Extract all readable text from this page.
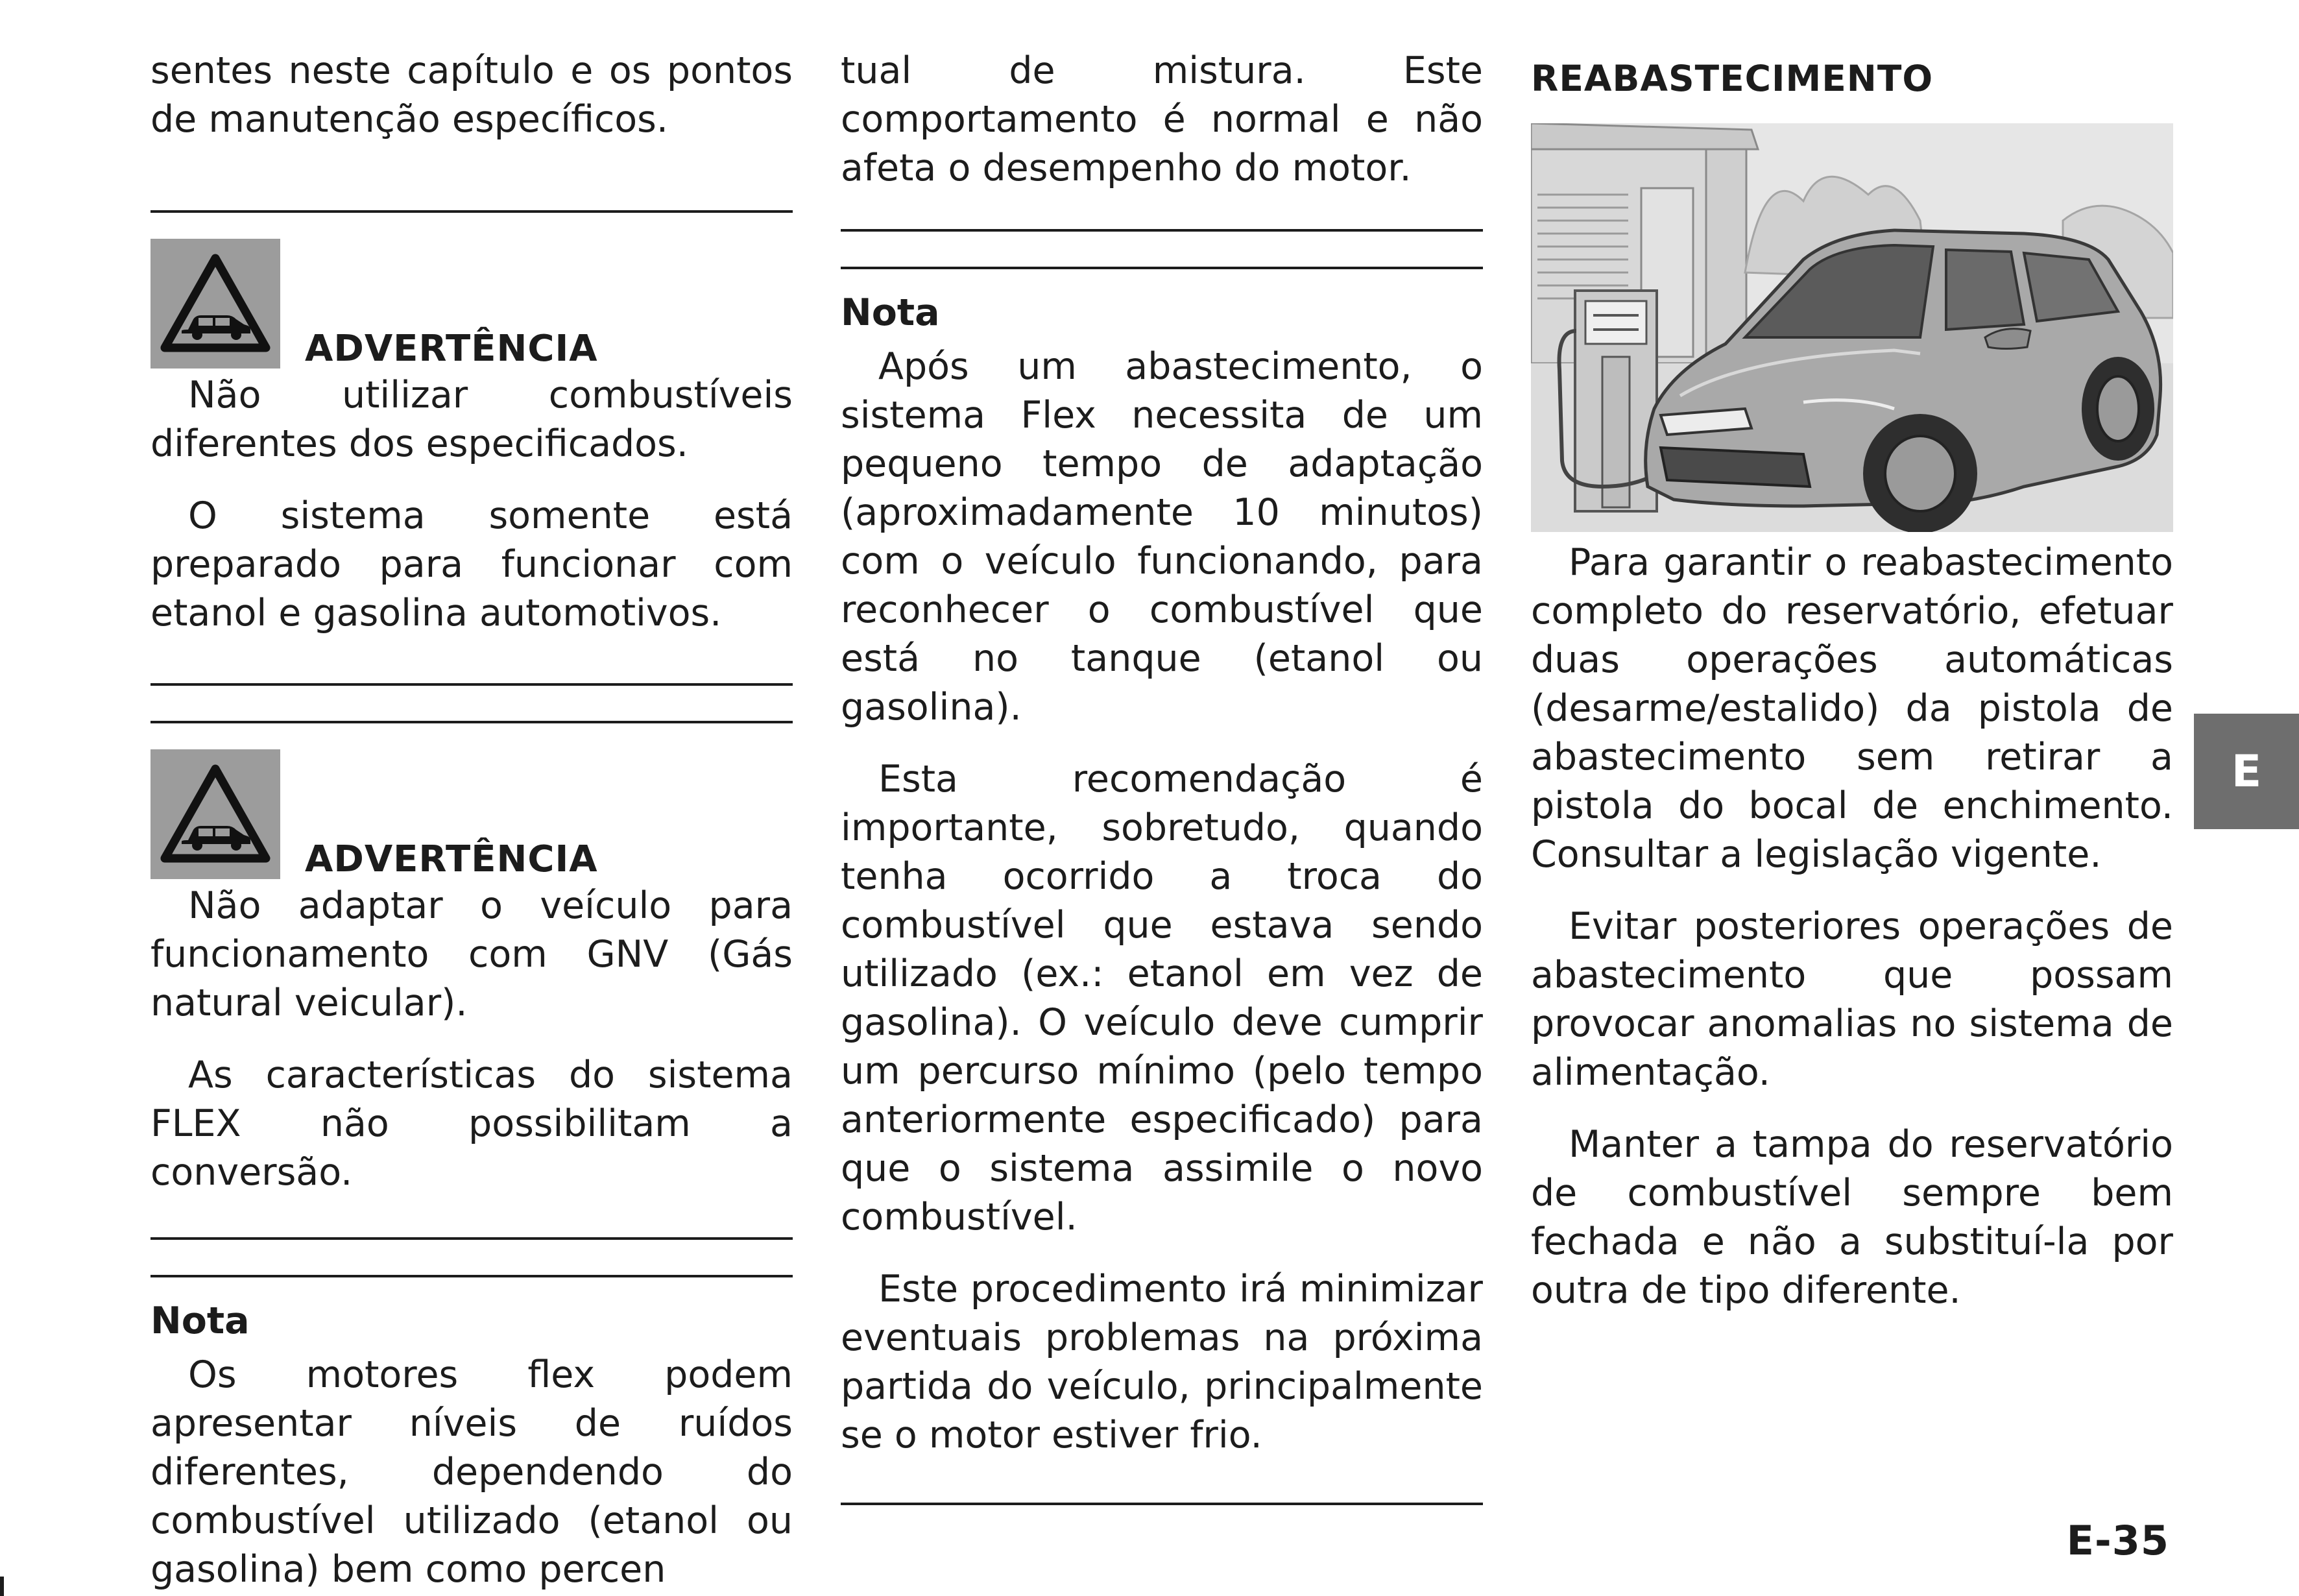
sentes neste capítulo e os pontos de manutenção específicos.

ADVERTÊNCIA

Não utilizar combustíveis diferentes dos especificados.

O sistema somente está preparado para funcionar com etanol e gasolina automotivos.

ADVERTÊNCIA

Não adaptar o veículo para funcionamento com GNV (Gás natural veicular).

As características do sistema FLEX não possibilitam a conversão.

Nota

Os motores flex podem apresentar níveis de ruídos diferentes, dependendo do combustível utilizado (etanol ou gasolina) bem como percen

tual de mistura. Este comportamento é normal e não afeta o desempenho do motor.

Nota

Após um abastecimento, o sistema Flex necessita de um pequeno tempo de adaptação (aproximadamente 10 minutos) com o veículo funcionando, para reconhecer o combustível que está no tanque (etanol ou gasolina).

Esta recomendação é importante, sobretudo, quando tenha ocorrido a troca do combustível que estava sendo utilizado (ex.: etanol em vez de gasolina). O veículo deve cumprir um percurso mínimo (pelo tempo anteriormente especificado) para que o sistema assimile o novo combustível.

Este procedimento irá minimizar eventuais problemas na próxima partida do veículo, principalmente se o motor estiver frio.

REABASTECIMENTO

Para garantir o reabastecimento completo do reservatório, efetuar duas operações automáticas (desarme/estalido) da pistola de abastecimento sem retirar a pistola do bocal de enchimento. Consultar a legislação vigente.

Evitar posteriores operações de abastecimento que possam provocar anomalias no sistema de alimentação.

Manter a tampa do reservatório de combustível sempre bem fechada e não a substituí-la por outra de tipo diferente.

E
E-35
